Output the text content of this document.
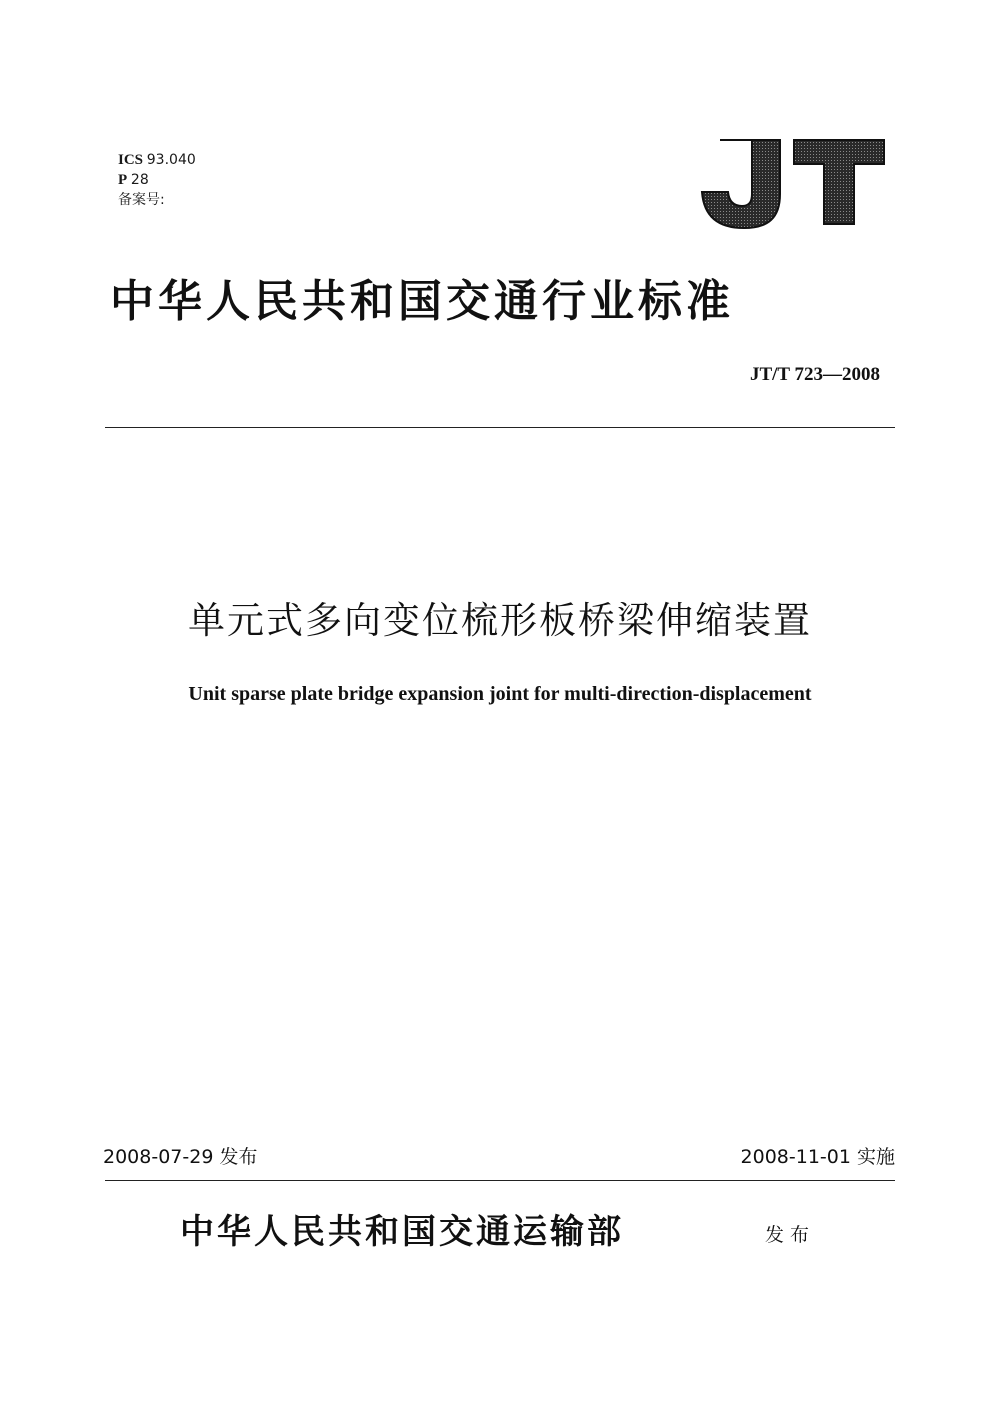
ICS 93.040
P 28
备案号:
中华人民共和国交通行业标准
JT/T 723—2008
单元式多向变位梳形板桥梁伸缩装置
Unit sparse plate bridge expansion joint for multi-direction-displacement
2008-07-29 发布	2008-11-01 实施
中华人民共和国交通运输部	发布
